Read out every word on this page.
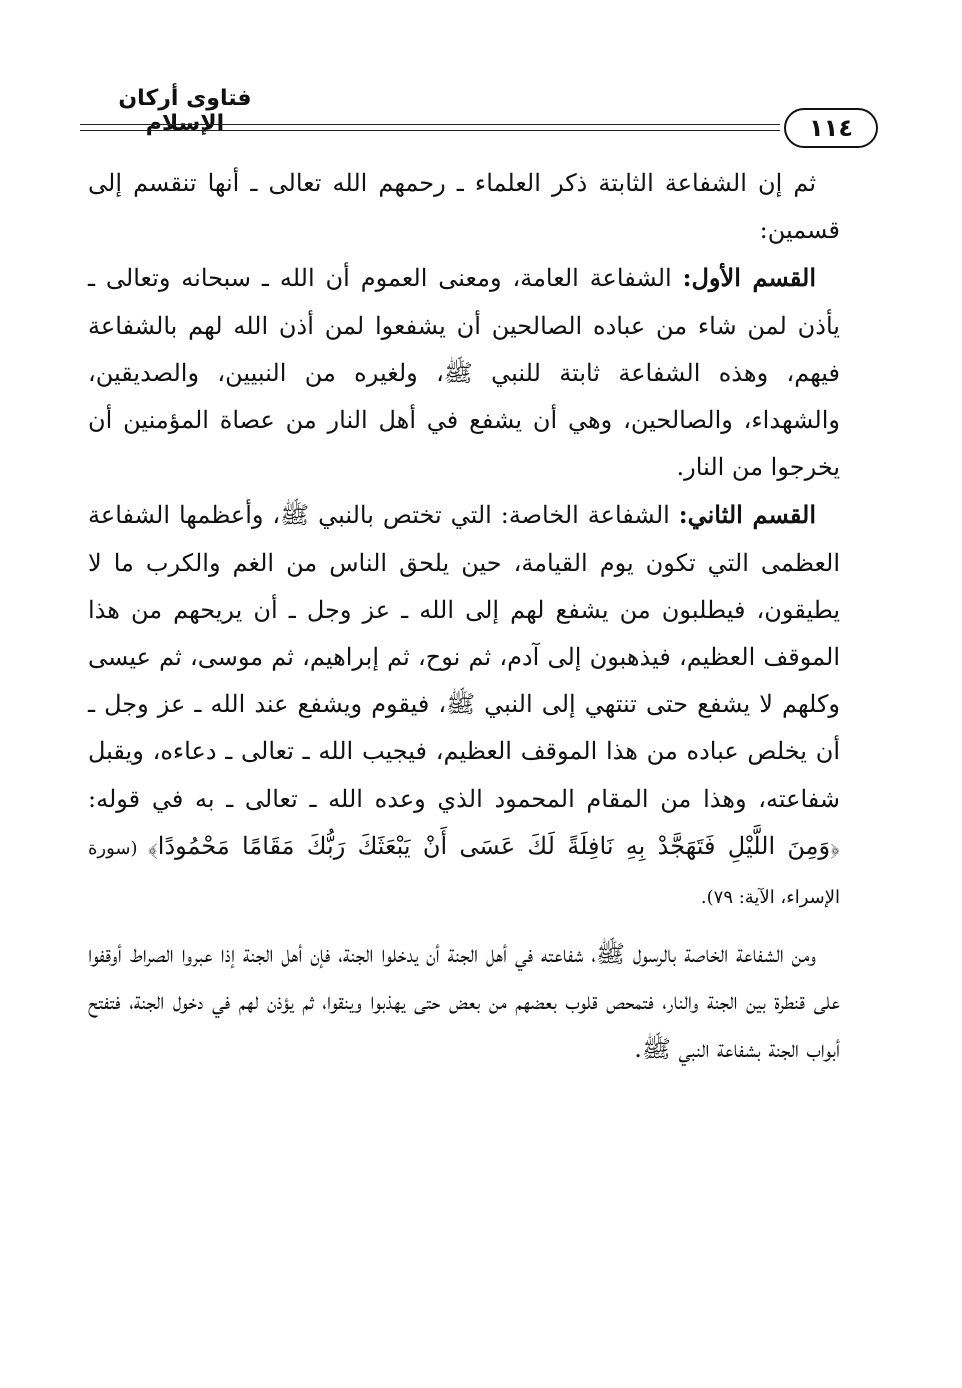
فتاوى أركان الإسلام	١١٤

ثم إن الشفاعة الثابتة ذكر العلماء ـ رحمهم الله تعالى ـ أنها تنقسم إلى قسمين:

القسم الأول: الشفاعة العامة، ومعنى العموم أن الله ـ سبحانه وتعالى ـ يأذن لمن شاء من عباده الصالحين أن يشفعوا لمن أذن الله لهم بالشفاعة فيهم، وهذه الشفاعة ثابتة للنبي ﷺ، ولغيره من النبيين، والصديقين، والشهداء، والصالحين، وهي أن يشفع في أهل النار من عصاة المؤمنين أن يخرجوا من النار.

القسم الثاني: الشفاعة الخاصة: التي تختص بالنبي ﷺ، وأعظمها الشفاعة العظمى التي تكون يوم القيامة، حين يلحق الناس من الغم والكرب ما لا يطيقون، فيطلبون من يشفع لهم إلى الله ـ عز وجل ـ أن يريحهم من هذا الموقف العظيم، فيذهبون إلى آدم، ثم نوح، ثم إبراهيم، ثم موسى، ثم عيسى وكلهم لا يشفع حتى تنتهي إلى النبي ﷺ، فيقوم ويشفع عند الله ـ عز وجل ـ أن يخلص عباده من هذا الموقف العظيم، فيجيب الله ـ تعالى ـ دعاءه، ويقبل شفاعته، وهذا من المقام المحمود الذي وعده الله ـ تعالى ـ به في قوله: ﴿وَمِنَ اللَّيْلِ فَتَهَجَّدْ بِهِ نَافِلَةً لَكَ عَسَى أَنْ يَبْعَثَكَ رَبُّكَ مَقَامًا مَحْمُودًا﴾ (سورة الإسراء، الآية: ٧٩).

ومن الشفاعة الخاصة بالرسول ﷺ، شفاعته في أهل الجنة أن يدخلوا الجنة، فإن أهل الجنة إذا عبروا الصراط أوقفوا على قنطرة بين الجنة والنار، فتمحص قلوب بعضهم من بعض حتى يهذبوا وينقوا، ثم يؤذن لهم في دخول الجنة، فتفتح أبواب الجنة بشفاعة النبي ﷺ.
